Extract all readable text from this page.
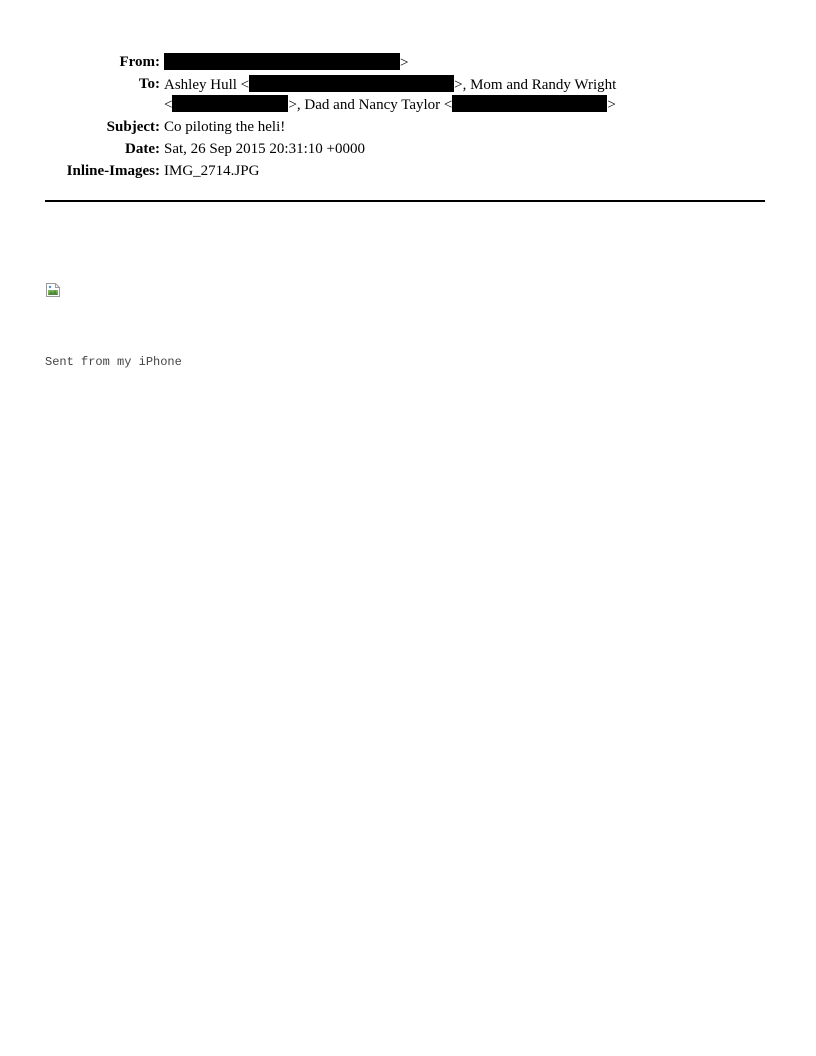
From:	>
To: Ashley Hull <	>, Mom and Randy Wright
<	>, Dad and Nancy Taylor <	>
Subject: Co piloting the heli!
Date: Sat, 26 Sep 2015 20:31:10 +0000
Inline-Images: IMG_2714.JPG
Sent from my iPhone
